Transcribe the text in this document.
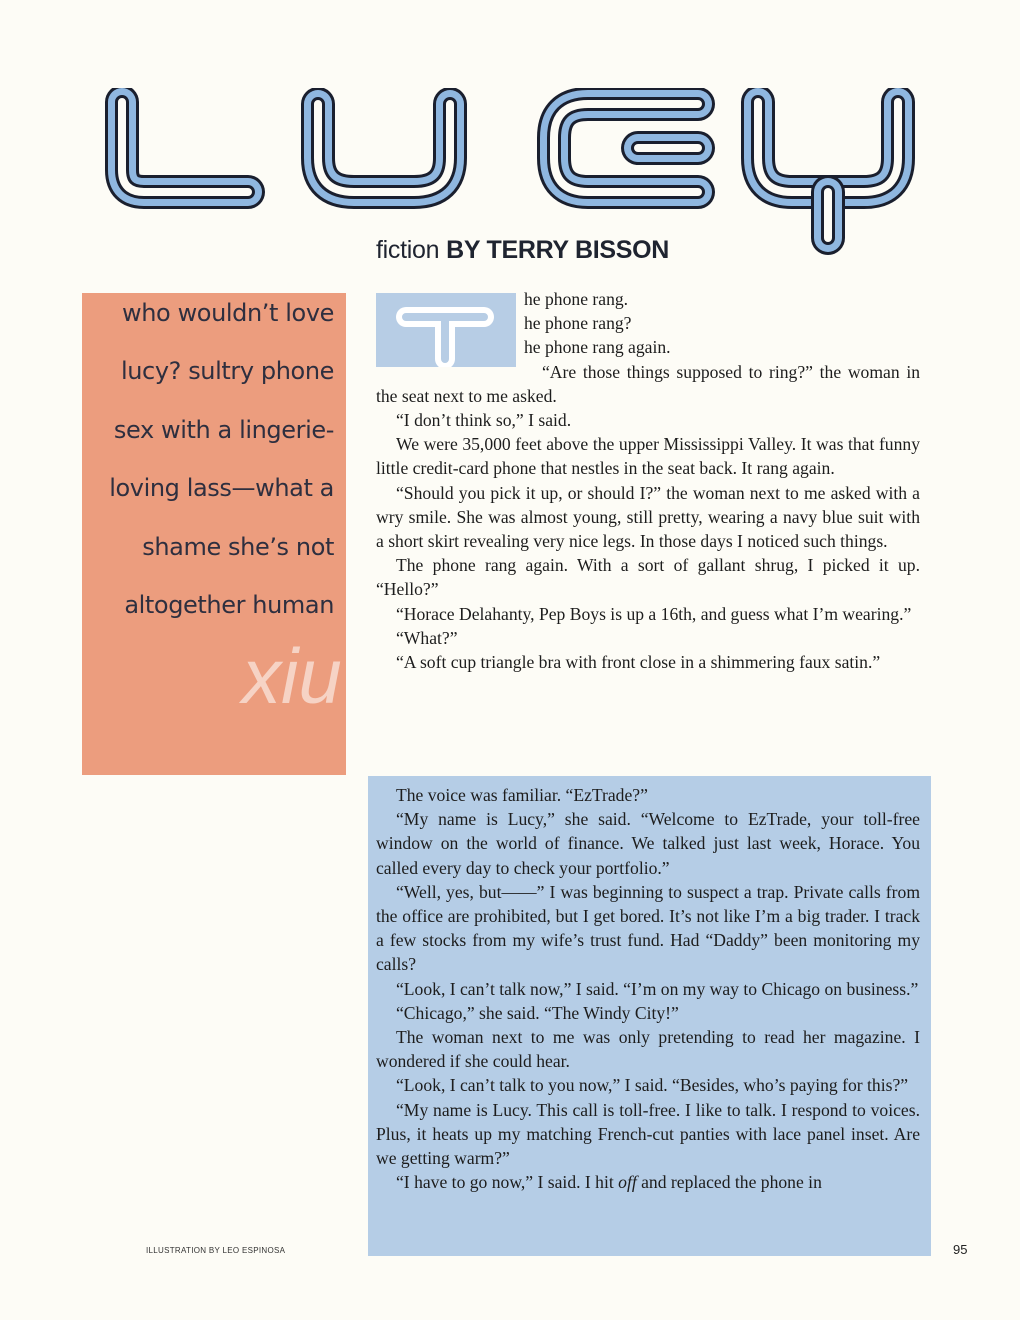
LUCY
fiction BY TERRY BISSON
who wouldn’t love
lucy? sultry phone
sex with a lingerie-
loving lass—what a
shame she’s not
altogether human
xiu
T	he phone rang.
he phone rang?
he phone rang again.

“Are those things supposed to ring?” the woman in the seat next to me asked.

“I don’t think so,” I said.

We were 35,000 feet above the upper Mississippi Valley. It was that funny little credit-card phone that nestles in the seat back. It rang again.

“Should you pick it up, or should I?” the woman next to me asked with a wry smile. She was almost young, still pretty, wearing a navy blue suit with a short skirt revealing very nice legs. In those days I noticed such things.

The phone rang again. With a sort of gallant shrug, I picked it up. “Hello?”

“Horace Delahanty, Pep Boys is up a 16th, and guess what I’m wearing.”

“What?”

“A soft cup triangle bra with front close in a shimmering faux satin.”

The voice was familiar. “EzTrade?”

“My name is Lucy,” she said. “Welcome to EzTrade, your toll-free window on the world of finance. We talked just last week, Horace. You called every day to check your portfolio.”

“Well, yes, but——” I was beginning to suspect a trap. Private calls from the office are prohibited, but I get bored. It’s not like I’m a big trader. I track a few stocks from my wife’s trust fund. Had “Daddy” been monitoring my calls?

“Look, I can’t talk now,” I said. “I’m on my way to Chicago on business.”

“Chicago,” she said. “The Windy City!”

The woman next to me was only pretending to read her magazine. I wondered if she could hear.

“Look, I can’t talk to you now,” I said. “Besides, who’s paying for this?”

“My name is Lucy. This call is toll-free. I like to talk. I respond to voices. Plus, it heats up my matching French-cut panties with lace panel inset. Are we getting warm?”

“I have to go now,” I said. I hit off and replaced the phone in

ILLUSTRATION BY LEO ESPINOSA	95
